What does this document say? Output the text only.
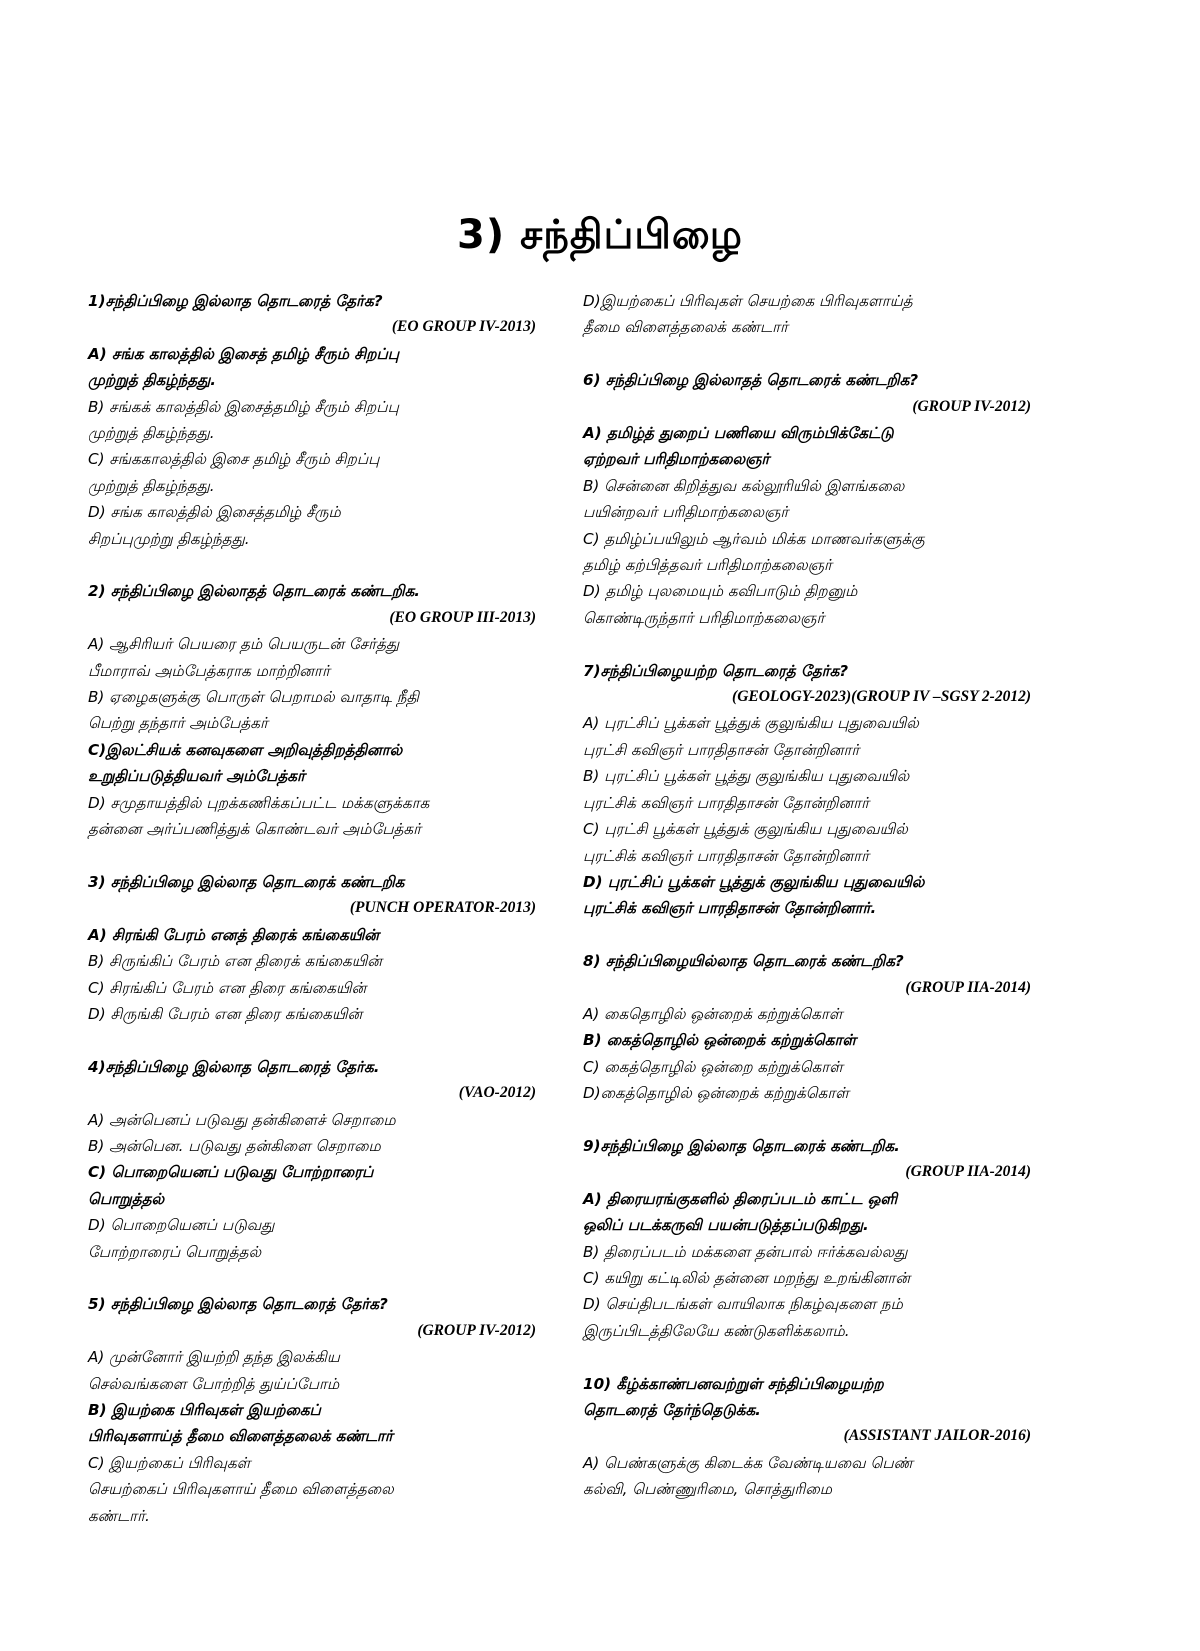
3) சந்திப்பிழை
1)சந்திப்பிழை இல்லாத தொடரைத் தேர்க?
(EO GROUP IV-2013)
A) சங்க காலத்தில் இசைத் தமிழ் சீரும் சிறப்பு
முற்றுத் திகழ்ந்தது.
B) சங்கக் காலத்தில் இசைத்தமிழ் சீரும் சிறப்பு
முற்றுத் திகழ்ந்தது.
C) சங்ககாலத்தில் இசை தமிழ் சீரும் சிறப்பு
முற்றுத் திகழ்ந்தது.
D) சங்க காலத்தில் இசைத்தமிழ் சீரும்
சிறப்புமுற்று திகழ்ந்தது.
2) சந்திப்பிழை இல்லாதத் தொடரைக் கண்டறிக.
(EO GROUP III-2013)
A) ஆசிரியர் பெயரை தம் பெயருடன் சேர்த்து
பீமாராவ் அம்பேத்கராக மாற்றினார்
B) ஏழைகளுக்கு பொருள் பெறாமல் வாதாடி நீதி
பெற்று தந்தார் அம்பேத்கர்
C)இலட்சியக் கனவுகளை அறிவுத்திறத்தினால்
உறுதிப்படுத்தியவர் அம்பேத்கர்
D) சமுதாயத்தில் புறக்கணிக்கப்பட்ட மக்களுக்காக
தன்னை அர்ப்பணித்துக் கொண்டவர் அம்பேத்கர்
3) சந்திப்பிழை இல்லாத தொடரைக் கண்டறிக
(PUNCH OPERATOR-2013)
A) சிரங்கி பேரம் எனத் திரைக் கங்கையின்
B) சிருங்கிப் பேரம் என திரைக் கங்கையின்
C) சிரங்கிப் பேரம் என திரை கங்கையின்
D) சிருங்கி பேரம் என திரை கங்கையின்
4)சந்திப்பிழை இல்லாத தொடரைத் தேர்க.
(VAO-2012)
A) அன்பெனப் படுவது தன்கிளைச் செறாமை
B) அன்பென. படுவது தன்கிளை செறாமை
C) பொறையெனப் படுவது போற்றாரைப்
பொறுத்தல்
D) பொறையெனப் படுவது
போற்றாரைப் பொறுத்தல்
5) சந்திப்பிழை இல்லாத தொடரைத் தேர்க?
(GROUP IV-2012)
A) முன்னோர் இயற்றி தந்த இலக்கிய
செல்வங்களை போற்றித் துய்ப்போம்
B) இயற்கை பிரிவுகள் இயற்கைப்
பிரிவுகளாய்த் தீமை விளைத்தலைக் கண்டார்
C) இயற்கைப் பிரிவுகள்
செயற்கைப் பிரிவுகளாய் தீமை விளைத்தலை
கண்டார்.
D)இயற்கைப் பிரிவுகள் செயற்கை பிரிவுகளாய்த்
தீமை விளைத்தலைக் கண்டார்
6) சந்திப்பிழை இல்லாதத் தொடரைக் கண்டறிக?
(GROUP IV-2012)
A) தமிழ்த் துறைப் பணியை விரும்பிக்கேட்டு
ஏற்றவர் பரிதிமாற்கலைஞர்
B) சென்னை கிறித்துவ கல்லூரியில் இளங்கலை
பயின்றவர் பரிதிமாற்கலைஞர்
C) தமிழ்ப்பயிலும் ஆர்வம் மிக்க மாணவர்களுக்கு
தமிழ் கற்பித்தவர் பரிதிமாற்கலைஞர்
D) தமிழ் புலமையும் கவிபாடும் திறனும்
கொண்டிருந்தார் பரிதிமாற்கலைஞர்
7)சந்திப்பிழையற்ற தொடரைத் தேர்க?
(GEOLOGY-2023)(GROUP IV –SGSY 2-2012)
A) புரட்சிப் பூக்கள் பூத்துக் குலுங்கிய புதுவையில்
புரட்சி கவிஞர் பாரதிதாசன் தோன்றினார்
B) புரட்சிப் பூக்கள் பூத்து குலுங்கிய புதுவையில்
புரட்சிக் கவிஞர் பாரதிதாசன் தோன்றினார்
C) புரட்சி பூக்கள் பூத்துக் குலுங்கிய புதுவையில்
புரட்சிக் கவிஞர் பாரதிதாசன் தோன்றினார்
D) புரட்சிப் பூக்கள் பூத்துக் குலுங்கிய புதுவையில்
புரட்சிக் கவிஞர் பாரதிதாசன் தோன்றினார்.
8) சந்திப்பிழையில்லாத தொடரைக் கண்டறிக?
(GROUP IIA-2014)
A) கைதொழில் ஒன்றைக் கற்றுக்கொள்
B) கைத்தொழில் ஒன்றைக் கற்றுக்கொள்
C) கைத்தொழில் ஒன்றை கற்றுக்கொள்
D)கைத்தொழில் ஒன்றைக் கற்றுக்கொள்
9)சந்திப்பிழை இல்லாத தொடரைக் கண்டறிக.
(GROUP IIA-2014)
A) திரையரங்குகளில் திரைப்படம் காட்ட ஒளி
ஒலிப் படக்கருவி பயன்படுத்தப்படுகிறது.
B) திரைப்படம் மக்களை தன்பால் ஈர்க்கவல்லது
C) கயிறு கட்டிலில் தன்னை மறந்து உறங்கினான்
D) செய்திபடங்கள் வாயிலாக நிகழ்வுகளை நம்
இருப்பிடத்திலேயே கண்டுகளிக்கலாம்.
10) கீழ்க்காண்பனவற்றுள் சந்திப்பிழையற்ற
தொடரைத் தேர்ந்தெடுக்க.
(ASSISTANT JAILOR-2016)
A) பெண்களுக்கு கிடைக்க வேண்டியவை பெண்
கல்வி, பெண்ணுரிமை, சொத்துரிமை
